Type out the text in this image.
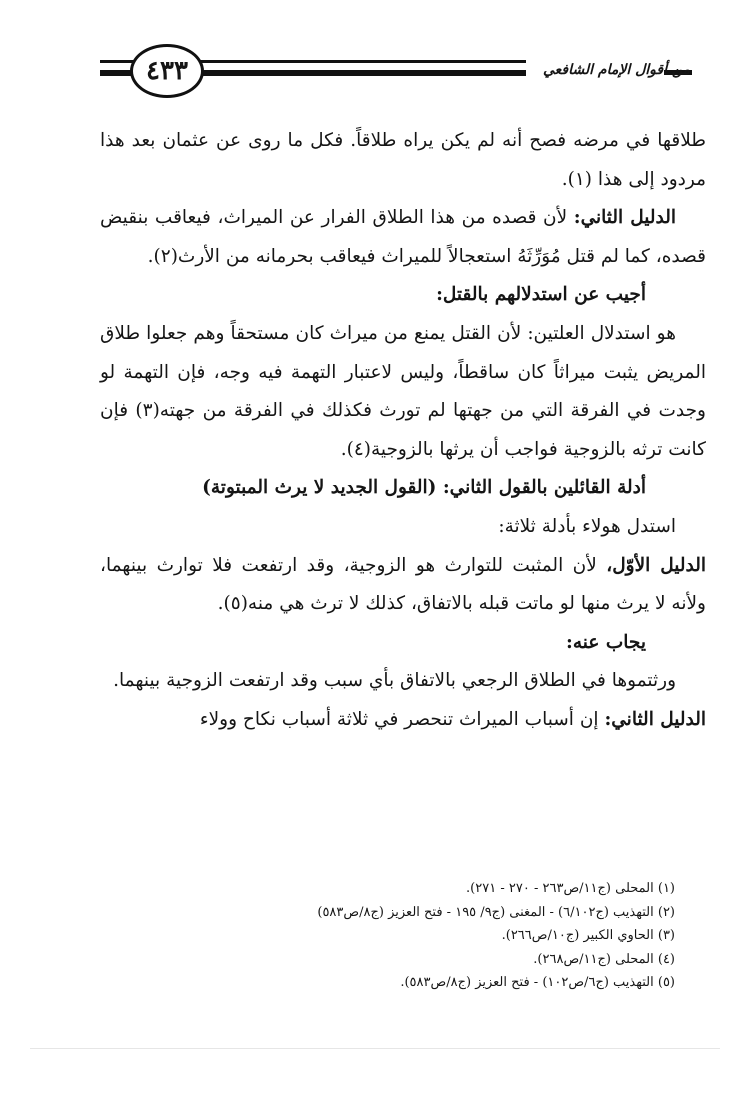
٤٣٣	من أقوال الإمام الشافعي

طلاقها في مرضه فصح أنه لم يكن يراه طلاقاً. فكل ما روى عن عثمان بعد هذا مردود إلى هذا (١).

الدليل الثاني: لأن قصده من هذا الطلاق الفرار عن الميراث، فيعاقب بنقيض قصده، كما لم قتل مُوَرِّثَهُ استعجالاً للميراث فيعاقب بحرمانه من الأرث(٢).

أجيب عن استدلالهم بالقتل:

هو استدلال العلتين: لأن القتل يمنع من ميراث كان مستحقاً وهم جعلوا طلاق المريض يثبت ميراثاً كان ساقطاً، وليس لاعتبار التهمة فيه وجه، فإن التهمة لو وجدت في الفرقة التي من جهتها لم تورث فكذلك في الفرقة من جهته(٣) فإن كانت ترثه بالزوجية فواجب أن يرثها بالزوجية(٤).

أدلة القائلين بالقول الثاني: (القول الجديد لا يرث المبتوتة)

استدل هولاء بأدلة ثلاثة:

الدليل الأوّل، لأن المثبت للتوارث هو الزوجية، وقد ارتفعت فلا توارث بينهما، ولأنه لا يرث منها لو ماتت قبله بالاتفاق، كذلك لا ترث هي منه(٥).

يجاب عنه:

ورثتموها في الطلاق الرجعي بالاتفاق بأي سبب وقد ارتفعت الزوجية بينهما.

الدليل الثاني: إن أسباب الميراث تنحصر في ثلاثة أسباب نكاح وولاء

(١) المحلى (ج١١/ص٢٦٣ - ٢٧٠ - ٢٧١).
(٢) التهذيب (ج٦/١٠٢) - المغنى (ج٩/ ١٩٥ - فتح العزيز (ج٨/ص٥٨٣)
(٣) الحاوي الكبير (ج١٠/ص٢٦٦).
(٤) المحلى (ج١١/ص٢٦٨).
(٥) التهذيب (ج٦/ص١٠٢) - فتح العزيز (ج٨/ص٥٨٣).
